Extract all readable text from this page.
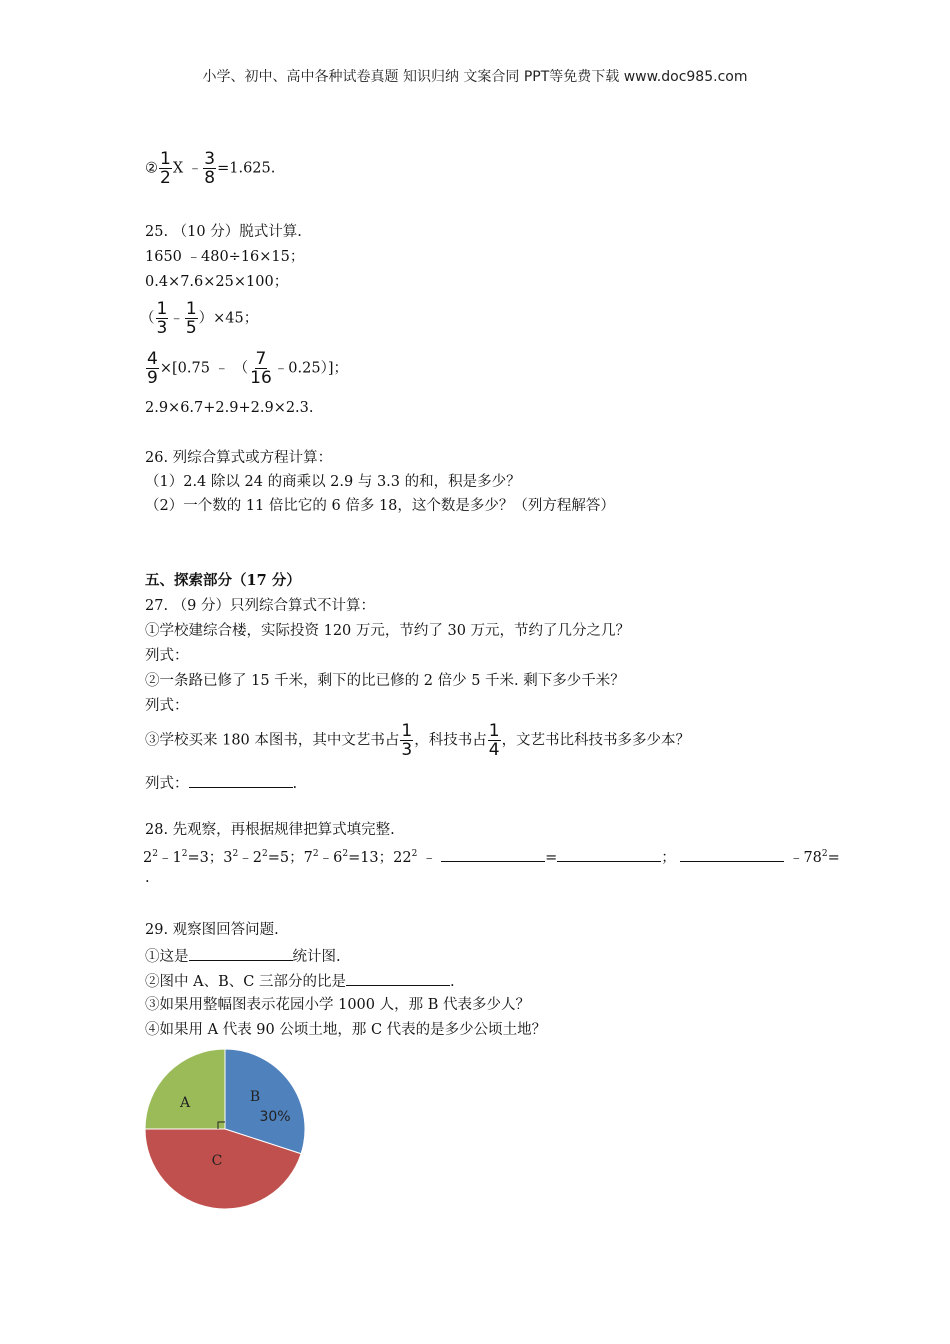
小学、初中、高中各种试卷真题 知识归纳 文案合同 PPT等免费下载 www.doc985.com
② $\frac{1}{2}$ X ﹣ $\frac{3}{8} =1.625$.
25. （10 分）脱式计算.
1650 ﹣480÷16×15；
0.4×7.6×25×100；
（ $\frac{1}{3}$ ﹣ $\frac{1}{5} )\times 45$；
$\frac{4}{9} \times[0.75$ ﹣ （ $\frac{7}{16}$ ﹣0.25）]；
2.9×6.7+2.9+2.9×2.3.
26. 列综合算式或方程计算：
（1）2.4 除以 24 的商乘以 2.9 与 3.3 的和，积是多少？
（2）一个数的 11 倍比它的 6 倍多 18，这个数是多少？（列方程解答）
五、探索部分（17 分）
27. （9 分）只列综合算式不计算：
①学校建综合楼，实际投资 120 万元，节约了 30 万元，节约了几分之几？
列式：
②一条路已修了 15 千米，剩下的比已修的 2 倍少 5 千米. 剩下多少千米？
列式：
③学校买来 180 本图书，其中文艺书占 $\frac{1}{3}$ ，科技书占 $\frac{1}{4}$ ，文艺书比科技书多多少本？
列式：	.
28. 先观察，再根据规律把算式填完整.
$2^2﹣1^2=3$；$3^2﹣2^2=5$；$7^2﹣6^2=13$；$22^2$ ﹣	=	；	$﹣78^2=$
.
29. 观察图回答问题.
①这是	统计图.
②图中 A、B、C 三部分的比是	.
③如果用整幅图表示花园小学 1000 人，那 B 代表多少人？
④如果用 A 代表 90 公顷土地，那 C 代表的是多少公顷土地？
A	B
30%
C
